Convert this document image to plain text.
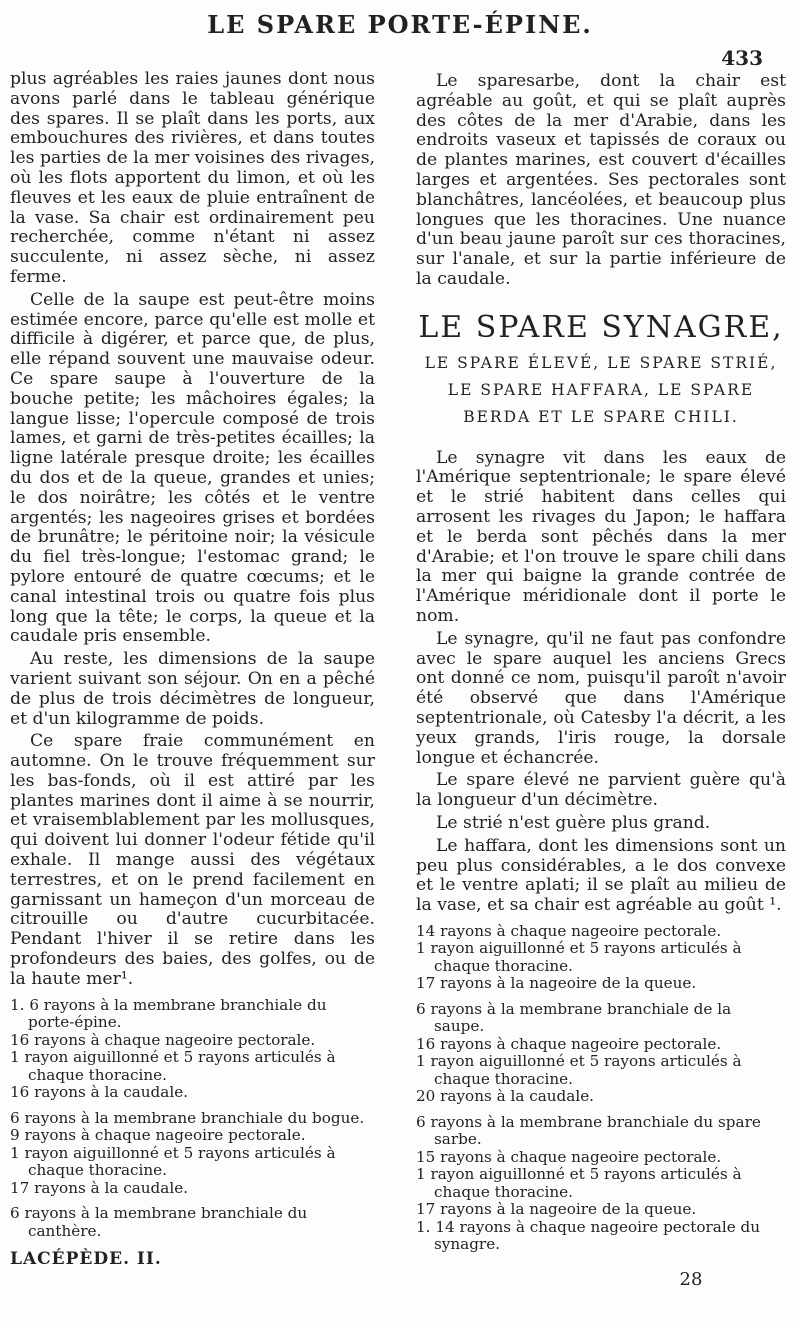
LE SPARE PORTE-ÉPINE.
433

plus agréables les raies jaunes dont nous avons parlé dans le tableau générique des spares. Il se plaît dans les ports, aux embouchures des rivières, et dans toutes les parties de la mer voisines des rivages, où les flots apportent du limon, et où les fleuves et les eaux de pluie entraînent de la vase. Sa chair est ordinairement peu recherchée, comme n'étant ni assez succulente, ni assez sèche, ni assez ferme.

Celle de la saupe est peut-être moins estimée encore, parce qu'elle est molle et difficile à digérer, et parce que, de plus, elle répand souvent une mauvaise odeur. Ce spare saupe à l'ouverture de la bouche petite; les mâchoires égales; la langue lisse; l'opercule composé de trois lames, et garni de très-petites écailles; la ligne latérale presque droite; les écailles du dos et de la queue, grandes et unies; le dos noirâtre; les côtés et le ventre argentés; les nageoires grises et bordées de brunâtre; le péritoine noir; la vésicule du fiel très-longue; l'estomac grand; le pylore entouré de quatre cœcums; et le canal intestinal trois ou quatre fois plus long que la tête; le corps, la queue et la caudale pris ensemble.

Au reste, les dimensions de la saupe varient suivant son séjour. On en a pêché de plus de trois décimètres de longueur, et d'un kilogramme de poids.

Ce spare fraie communément en automne. On le trouve fréquemment sur les bas-fonds, où il est attiré par les plantes marines dont il aime à se nourrir, et vraisemblablement par les mollusques, qui doivent lui donner l'odeur fétide qu'il exhale. Il mange aussi des végétaux terrestres, et on le prend facilement en garnissant un hameçon d'un morceau de citrouille ou d'autre cucurbitacée. Pendant l'hiver il se retire dans les profondeurs des baies, des golfes, ou de la haute mer¹.

1. 6 rayons à la membrane branchiale du porte-épine.
16 rayons à chaque nageoire pectorale.
1 rayon aiguillonné et 5 rayons articulés à chaque thoracine.
16 rayons à la caudale.
6 rayons à la membrane branchiale du bogue.
9 rayons à chaque nageoire pectorale.
1 rayon aiguillonné et 5 rayons articulés à chaque thoracine.
17 rayons à la caudale.
6 rayons à la membrane branchiale du canthère.
LACÉPÈDE. II.

Le sparesarbe, dont la chair est agréable au goût, et qui se plaît auprès des côtes de la mer d'Arabie, dans les endroits vaseux et tapissés de coraux ou de plantes marines, est couvert d'écailles larges et argentées. Ses pectorales sont blanchâtres, lancéolées, et beaucoup plus longues que les thoracines. Une nuance d'un beau jaune paroît sur ces thoracines, sur l'anale, et sur la partie inférieure de la caudale.

LE SPARE SYNAGRE,
LE SPARE ÉLEVÉ, LE SPARE STRIÉ, LE SPARE HAFFARA, LE SPARE BERDA ET LE SPARE CHILI.

Le synagre vit dans les eaux de l'Amérique septentrionale; le spare élevé et le strié habitent dans celles qui arrosent les rivages du Japon; le haffara et le berda sont pêchés dans la mer d'Arabie; et l'on trouve le spare chili dans la mer qui baigne la grande contrée de l'Amérique méridionale dont il porte le nom.

Le synagre, qu'il ne faut pas confondre avec le spare auquel les anciens Grecs ont donné ce nom, puisqu'il paroît n'avoir été observé que dans l'Amérique septentrionale, où Catesby l'a décrit, a les yeux grands, l'iris rouge, la dorsale longue et échancrée.

Le spare élevé ne parvient guère qu'à la longueur d'un décimètre.

Le strié n'est guère plus grand.

Le haffara, dont les dimensions sont un peu plus considérables, a le dos convexe et le ventre aplati; il se plaît au milieu de la vase, et sa chair est agréable au goût ¹.

14 rayons à chaque nageoire pectorale.
1 rayon aiguillonné et 5 rayons articulés à chaque thoracine.
17 rayons à la nageoire de la queue.
6 rayons à la membrane branchiale de la saupe.
16 rayons à chaque nageoire pectorale.
1 rayon aiguillonné et 5 rayons articulés à chaque thoracine.
20 rayons à la caudale.
6 rayons à la membrane branchiale du spare sarbe.
15 rayons à chaque nageoire pectorale.
1 rayon aiguillonné et 5 rayons articulés à chaque thoracine.
17 rayons à la nageoire de la queue.
1. 14 rayons à chaque nageoire pectorale du synagre.
28
